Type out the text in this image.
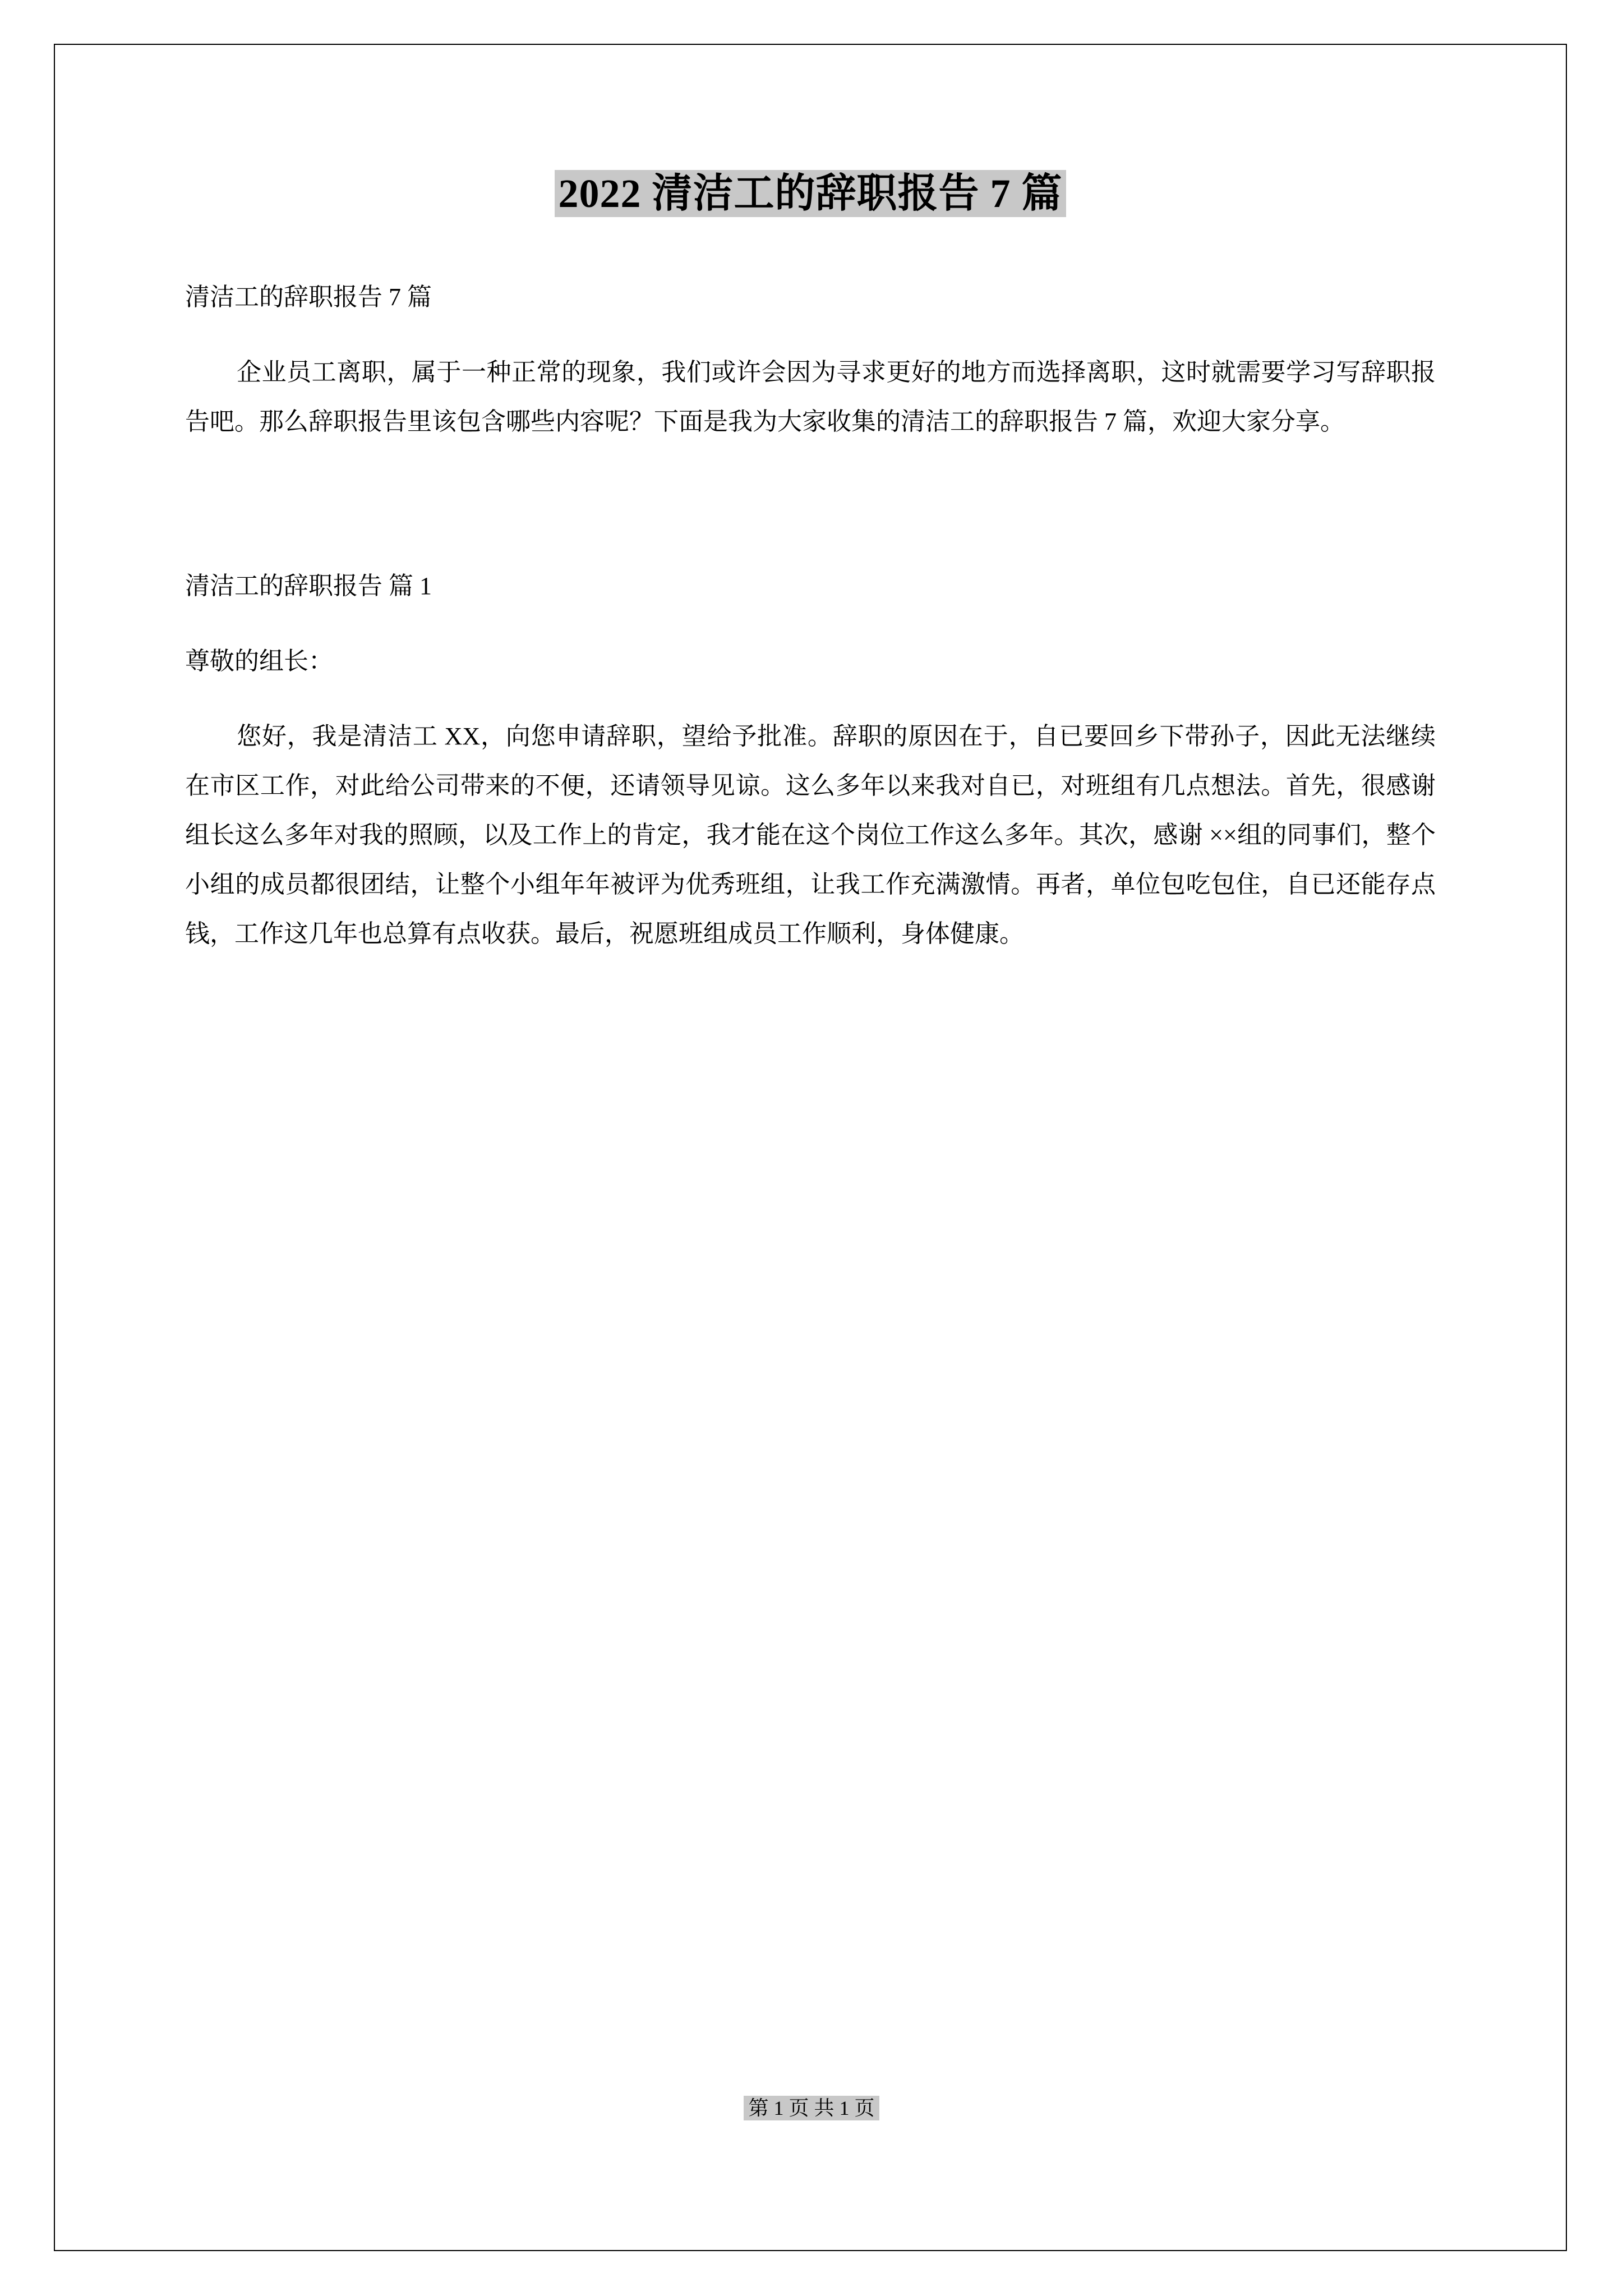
2022 清洁工的辞职报告 7 篇

清洁工的辞职报告 7 篇

企业员工离职，属于一种正常的现象，我们或许会因为寻求更好的地方而选择离职，这时就需要学习写辞职报告吧。那么辞职报告里该包含哪些内容呢？下面是我为大家收集的清洁工的辞职报告 7 篇，欢迎大家分享。

清洁工的辞职报告 篇 1

尊敬的组长：

您好，我是清洁工 XX，向您申请辞职，望给予批准。辞职的原因在于，自已要回乡下带孙子，因此无法继续在市区工作，对此给公司带来的不便，还请领导见谅。这么多年以来我对自已，对班组有几点想法。首先，很感谢组长这么多年对我的照顾，以及工作上的肯定，我才能在这个岗位工作这么多年。其次，感谢 ××组的同事们，整个小组的成员都很团结，让整个小组年年被评为优秀班组，让我工作充满激情。再者，单位包吃包住，自已还能存点钱，工作这几年也总算有点收获。最后，祝愿班组成员工作顺利，身体健康。

第 1 页 共 1 页
